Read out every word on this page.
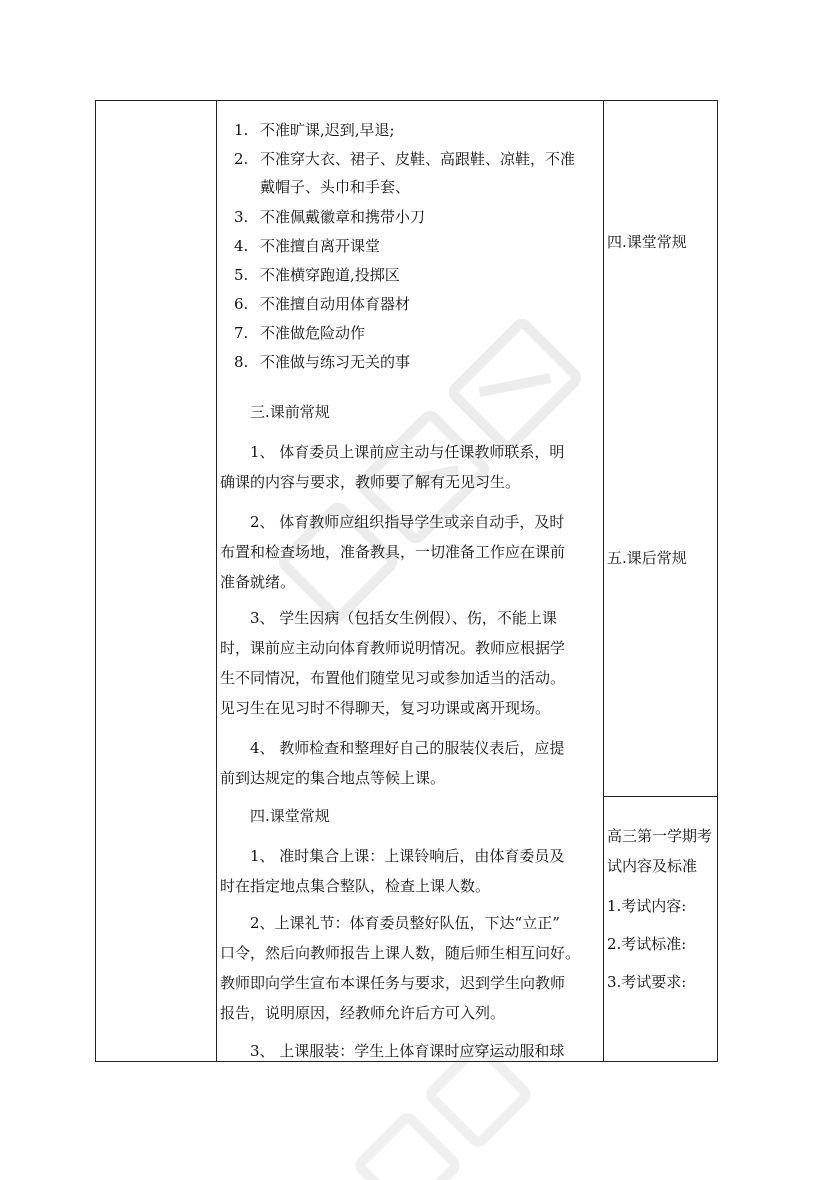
1. 不准旷课,迟到,早退;
2. 不准穿大衣、裙子、皮鞋、高跟鞋、凉鞋，不准
戴帽子、头巾和手套、
3. 不准佩戴徽章和携带小刀
4. 不准擅自离开课堂
5. 不准横穿跑道,投掷区
6. 不准擅自动用体育器材
7. 不准做危险动作
8. 不准做与练习无关的事
三.课前常规
1、 体育委员上课前应主动与任课教师联系，明
确课的内容与要求，教师要了解有无见习生。
2、 体育教师应组织指导学生或亲自动手，及时
布置和检查场地，准备教具，一切准备工作应在课前
准备就绪。
3、 学生因病（包括女生例假）、伤，不能上课
时，课前应主动向体育教师说明情况。教师应根据学
生不同情况，布置他们随堂见习或参加适当的活动。
见习生在见习时不得聊天，复习功课或离开现场。
4、 教师检查和整理好自己的服装仪表后，应提
前到达规定的集合地点等候上课。
四.课堂常规
1、 准时集合上课：上课铃响后，由体育委员及
时在指定地点集合整队，检查上课人数。
2、上课礼节：体育委员整好队伍，下达“立正”
口令，然后向教师报告上课人数，随后师生相互问好。
教师即向学生宣布本课任务与要求，迟到学生向教师
报告，说明原因，经教师允许后方可入列。
3、 上课服装：学生上体育课时应穿运动服和球
四.课堂常规
五.课后常规
高三第一学期考
试内容及标准
1.考试内容:
2.考试标准:
3.考试要求:
